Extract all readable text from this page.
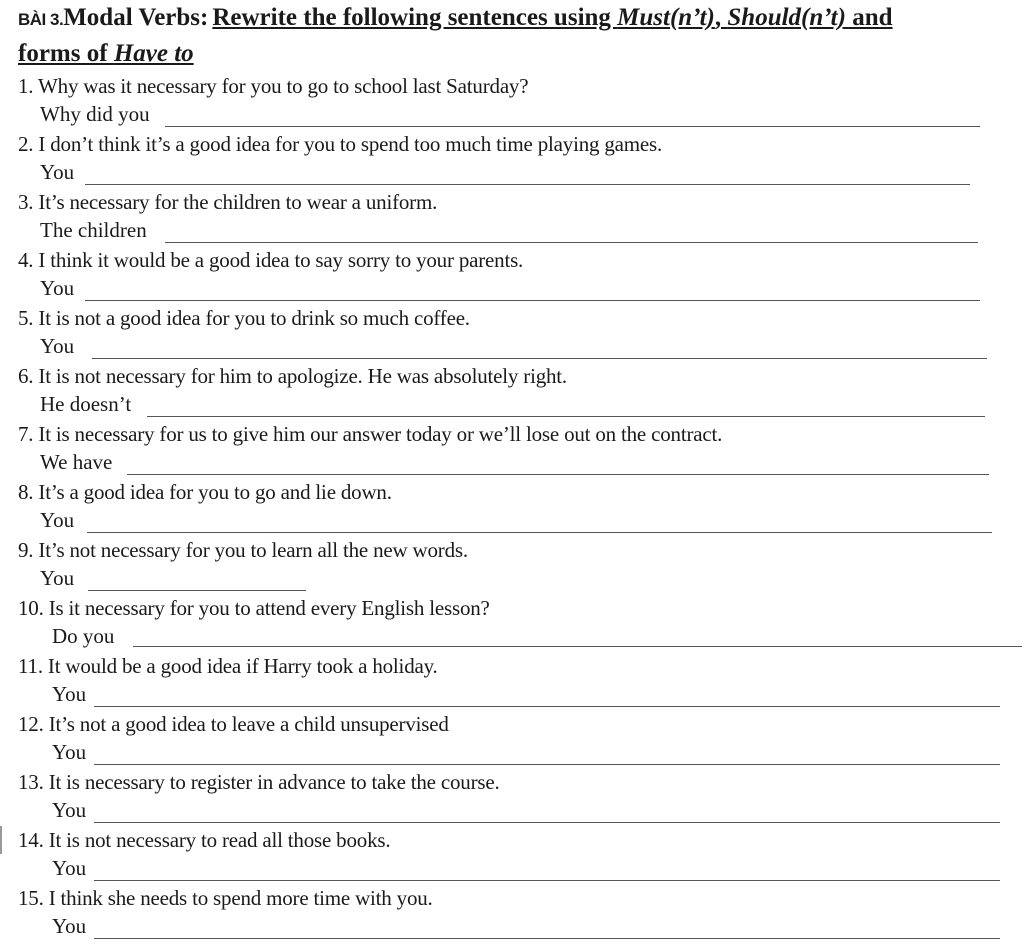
BÀI 3.Modal Verbs: Rewrite the following sentences using Must(n’t), Should(n’t) and
forms of Have to
1. Why was it necessary for you to go to school last Saturday?
Why did you
2. I don’t think it’s a good idea for you to spend too much time playing games.
You
3. It’s necessary for the children to wear a uniform.
The children
4. I think it would be a good idea to say sorry to your parents.
You
5. It is not a good idea for you to drink so much coffee.
You
6. It is not necessary for him to apologize. He was absolutely right.
He doesn’t
7. It is necessary for us to give him our answer today or we’ll lose out on the contract.
We have
8. It’s a good idea for you to go and lie down.
You
9. It’s not necessary for you to learn all the new words.
You
10. Is it necessary for you to attend every English lesson?
Do you
11. It would be a good idea if Harry took a holiday.
You
12. It’s not a good idea to leave a child unsupervised
You
13. It is necessary to register in advance to take the course.
You
14. It is not necessary to read all those books.
You
15. I think she needs to spend more time with you.
You
